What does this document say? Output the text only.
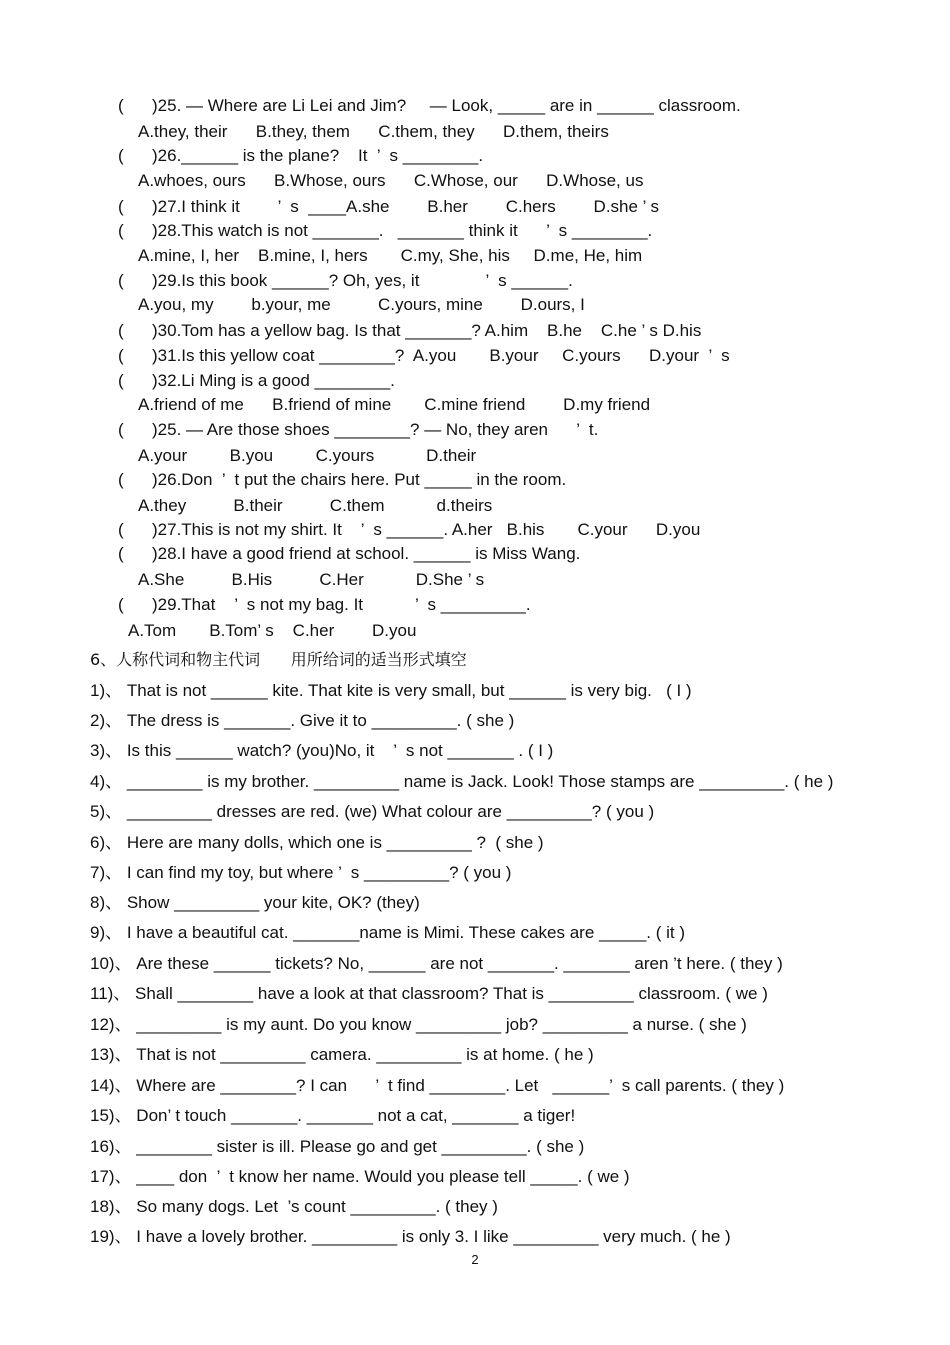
(      )25. — Where are Li Lei and Jim?     — Look, _____ are in ______ classroom.
A.they, their      B.they, them      C.them, they      D.them, theirs
(      )26.______ is the plane?    It  ’  s ________.
A.whoes, ours      B.Whose, ours      C.Whose, our      D.Whose, us
(      )27.I think it        ’  s  ____A.she        B.her        C.hers        D.she ’ s
(      )28.This watch is not _______.   _______ think it      ’  s ________.
A.mine, I, her    B.mine, I, hers       C.my, She, his     D.me, He, him
(      )29.Is this book ______? Oh, yes, it              ’  s ______.
A.you, my        b.your, me          C.yours, mine        D.ours, I
(      )30.Tom has a yellow bag. Is that _______? A.him    B.he    C.he ’ s D.his
(      )31.Is this yellow coat ________?  A.you       B.your     C.yours      D.your  ’  s
(      )32.Li Ming is a good ________.
A.friend of me      B.friend of mine       C.mine friend        D.my friend
(      )25. — Are those shoes ________? — No, they aren      ’  t.
A.your         B.you         C.yours           D.their
(      )26.Don  ’  t put the chairs here. Put _____ in the room.
A.they          B.their          C.them           d.theirs
(      )27.This is not my shirt. It    ’  s ______. A.her   B.his       C.your      D.you
(      )28.I have a good friend at school. ______ is Miss Wang.
A.She          B.His          C.Her           D.She ’ s
(      )29.That    ’  s not my bag. It           ’  s _________.
A.Tom       B.Tom’ s    C.her        D.you
6、人称代词和物主代词      用所给词的适当形式填空
1)、 That is not ______ kite. That kite is very small, but ______ is very big.   ( I )
2)、 The dress is _______. Give it to _________. ( she )
3)、 Is this ______ watch? (you)No, it    ’  s not _______ . ( I )
4)、 ________ is my brother. _________ name is Jack. Look! Those stamps are _________. ( he )
5)、 _________ dresses are red. (we) What colour are _________? ( you )
6)、 Here are many dolls, which one is _________ ?  ( she )
7)、 I can find my toy, but where ’  s _________? ( you )
8)、 Show _________ your kite, OK? (they)
9)、 I have a beautiful cat. _______name is Mimi. These cakes are _____. ( it )
10)、 Are these ______ tickets? No, ______ are not _______. _______ aren ’t here. ( they )
11)、 Shall ________ have a look at that classroom? That is _________ classroom. ( we )
12)、 _________ is my aunt. Do you know _________ job? _________ a nurse. ( she )
13)、 That is not _________ camera. _________ is at home. ( he )
14)、 Where are ________? I can      ’  t find ________. Let   ______’  s call parents. ( they )
15)、 Don’ t touch _______. _______ not a cat, _______ a tiger!
16)、 ________ sister is ill. Please go and get _________. ( she )
17)、 ____ don  ’  t know her name. Would you please tell _____. ( we )
18)、 So many dogs. Let  ’s count _________. ( they )
19)、 I have a lovely brother. _________ is only 3. I like _________ very much. ( he )
2
